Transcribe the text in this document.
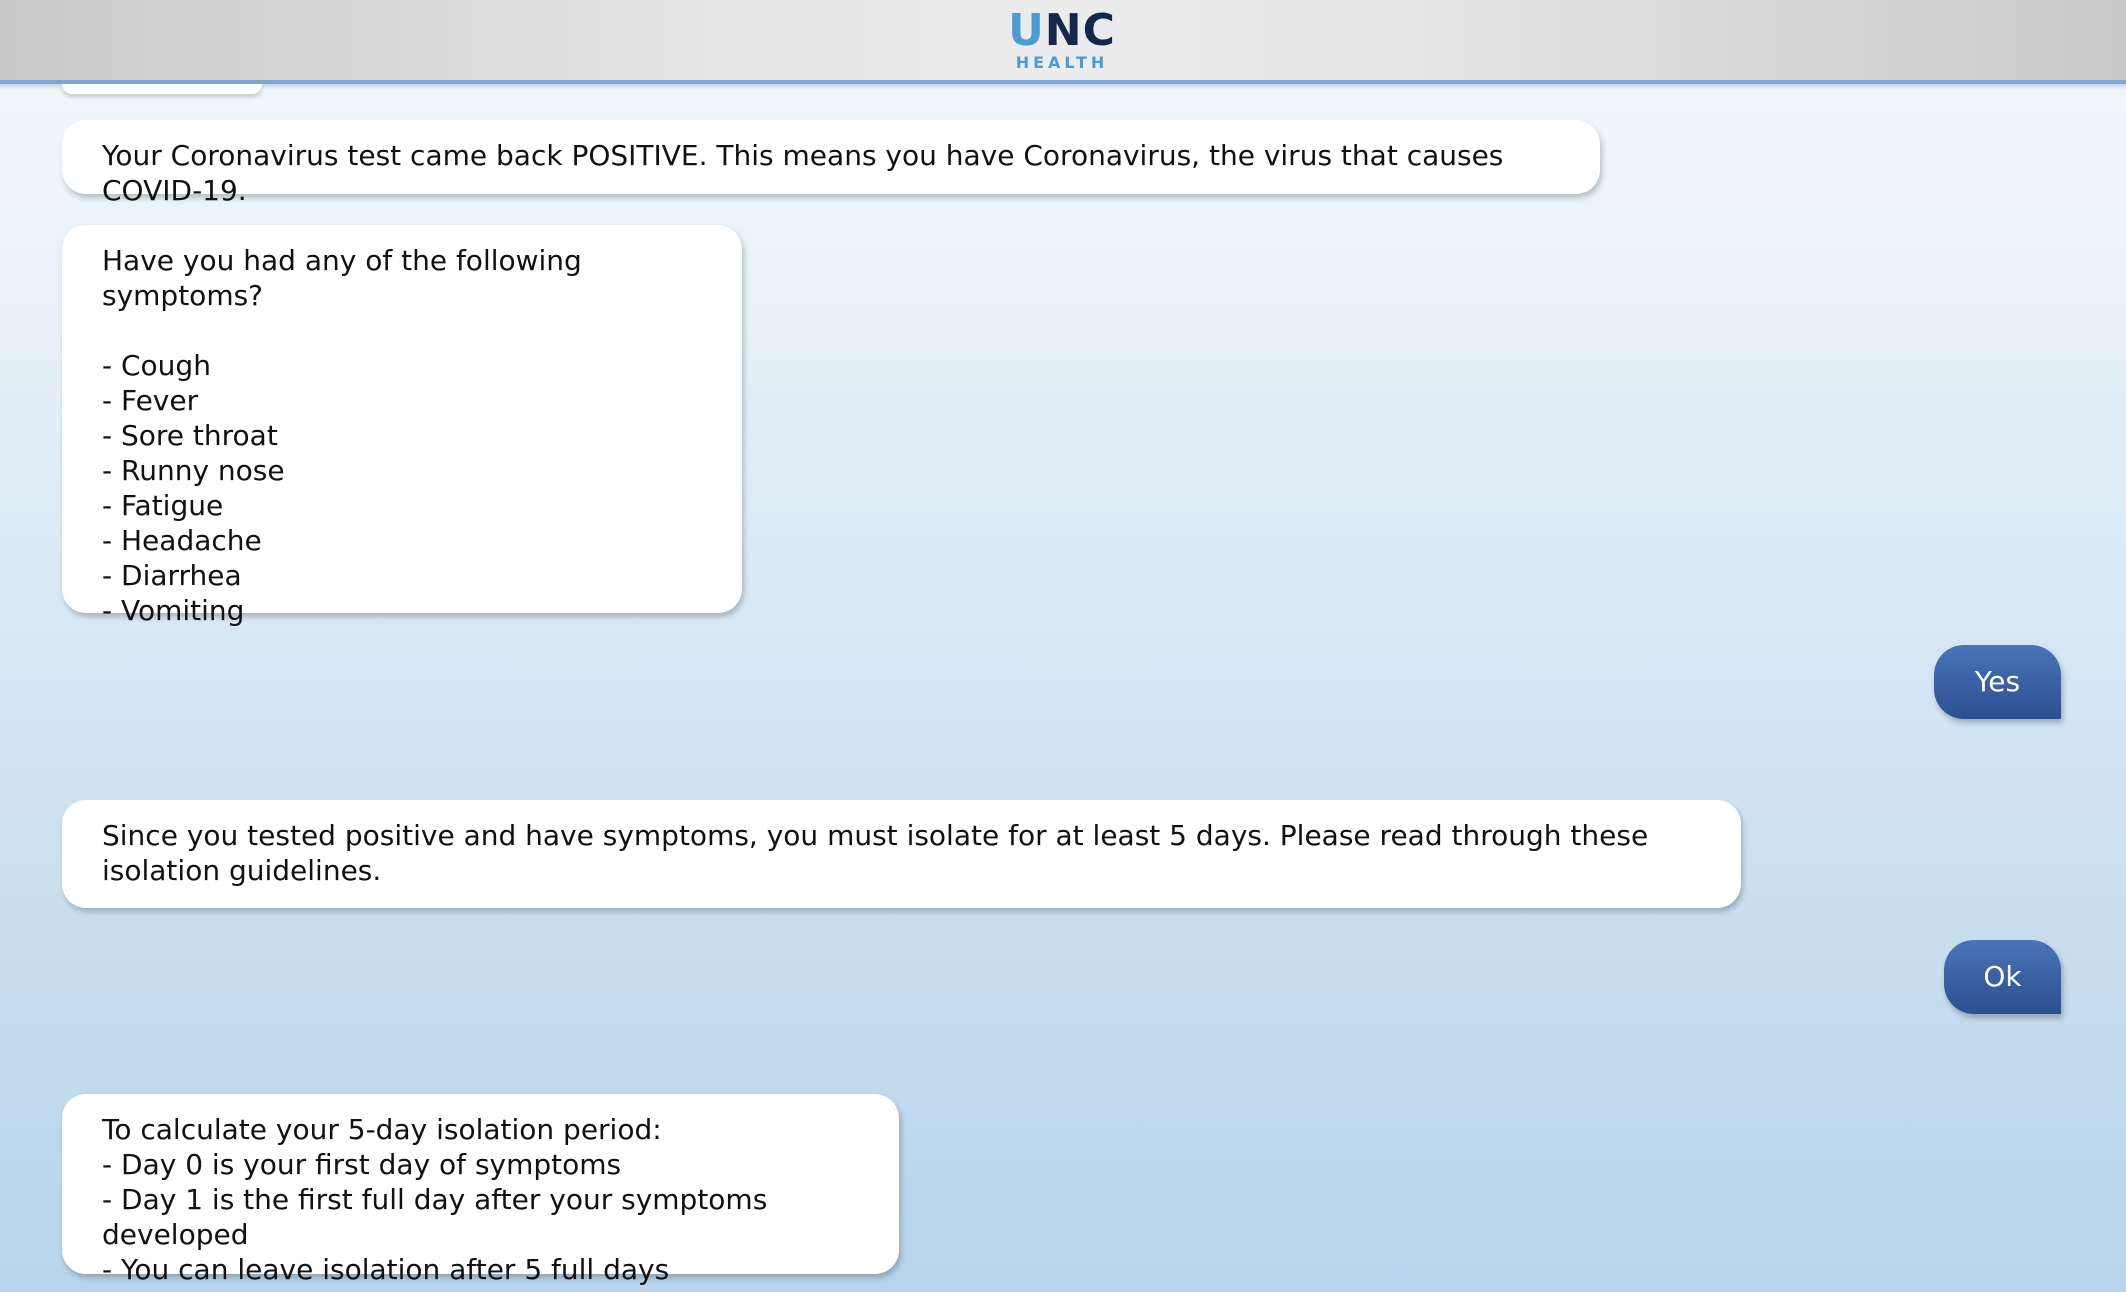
UNC
HEALTH
Your Coronavirus test came back POSITIVE. This means you have Coronavirus, the virus that causes COVID-19.
Have you had any of the following symptoms?

- Cough
- Fever
- Sore throat
- Runny nose
- Fatigue
- Headache
- Diarrhea
- Vomiting
Yes
Since you tested positive and have symptoms, you must isolate for at least 5 days. Please read through these isolation guidelines.
Ok
To calculate your 5-day isolation period:
- Day 0 is your first day of symptoms
- Day 1 is the first full day after your symptoms developed
- You can leave isolation after 5 full days
